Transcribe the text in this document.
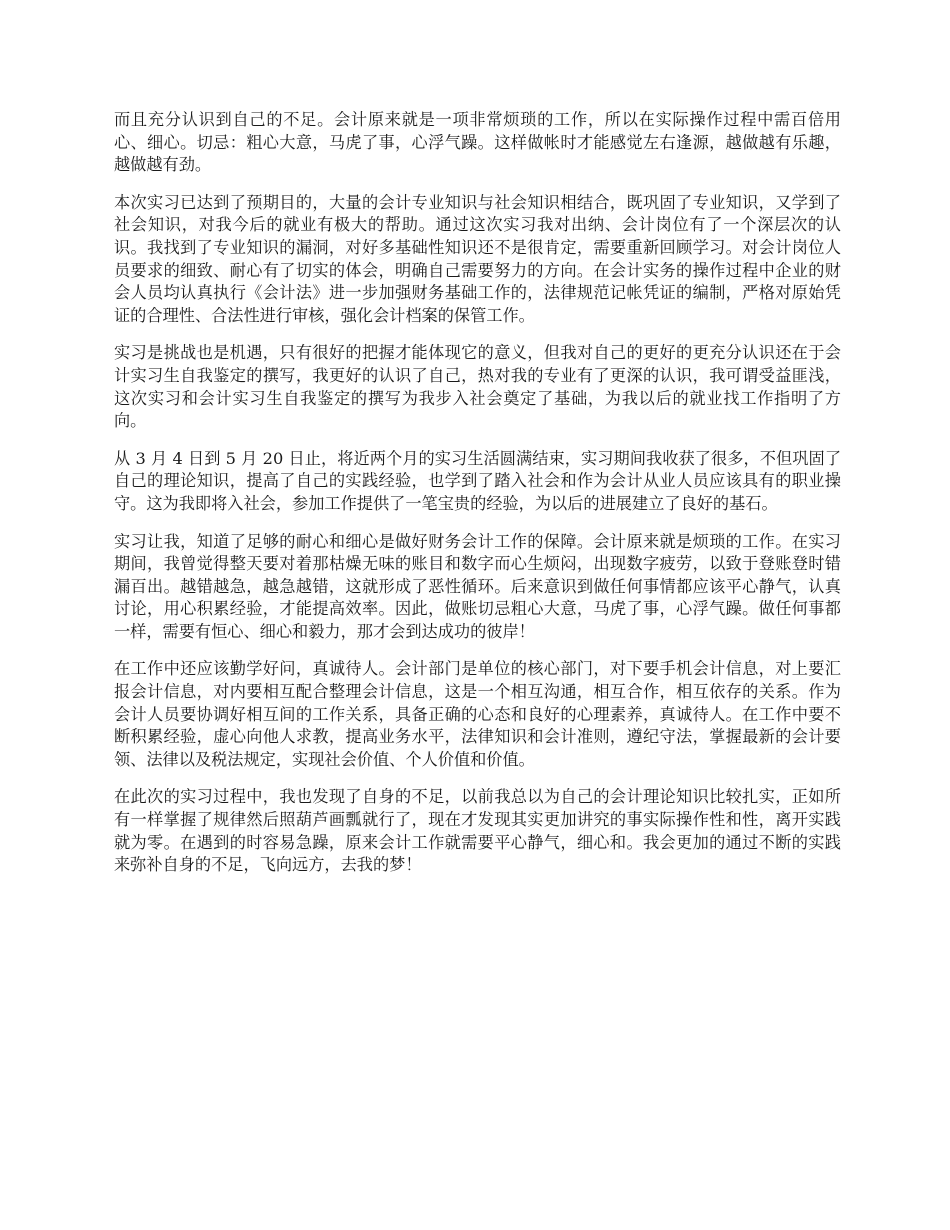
而且充分认识到自己的不足。会计原来就是一项非常烦琐的工作，所以在实际操作过程中需百倍用心、细心。切忌：粗心大意，马虎了事，心浮气躁。这样做帐时才能感觉左右逢源，越做越有乐趣，越做越有劲。

本次实习已达到了预期目的，大量的会计专业知识与社会知识相结合，既巩固了专业知识，又学到了社会知识，对我今后的就业有极大的帮助。通过这次实习我对出纳、会计岗位有了一个深层次的认识。我找到了专业知识的漏洞，对好多基础性知识还不是很肯定，需要重新回顾学习。对会计岗位人员要求的细致、耐心有了切实的体会，明确自己需要努力的方向。在会计实务的操作过程中企业的财会人员均认真执行《会计法》进一步加强财务基础工作的，法律规范记帐凭证的编制，严格对原始凭证的合理性、合法性进行审核，强化会计档案的保管工作。

实习是挑战也是机遇，只有很好的把握才能体现它的意义，但我对自己的更好的更充分认识还在于会计实习生自我鉴定的撰写，我更好的认识了自己，热对我的专业有了更深的认识，我可谓受益匪浅，这次实习和会计实习生自我鉴定的撰写为我步入社会奠定了基础，为我以后的就业找工作指明了方向。

从 3 月 4 日到 5 月 20 日止，将近两个月的实习生活圆满结束，实习期间我收获了很多，不但巩固了自己的理论知识，提高了自己的实践经验，也学到了踏入社会和作为会计从业人员应该具有的职业操守。这为我即将入社会，参加工作提供了一笔宝贵的经验，为以后的进展建立了良好的基石。

实习让我，知道了足够的耐心和细心是做好财务会计工作的保障。会计原来就是烦琐的工作。在实习期间，我曾觉得整天要对着那枯燥无味的账目和数字而心生烦闷，出现数字疲劳，以致于登账登时错漏百出。越错越急，越急越错，这就形成了恶性循环。后来意识到做任何事情都应该平心静气，认真讨论，用心积累经验，才能提高效率。因此，做账切忌粗心大意，马虎了事，心浮气躁。做任何事都一样，需要有恒心、细心和毅力，那才会到达成功的彼岸！

在工作中还应该勤学好问，真诚待人。会计部门是单位的核心部门，对下要手机会计信息，对上要汇报会计信息，对内要相互配合整理会计信息，这是一个相互沟通，相互合作，相互依存的关系。作为会计人员要协调好相互间的工作关系，具备正确的心态和良好的心理素养，真诚待人。在工作中要不断积累经验，虚心向他人求教，提高业务水平，法律知识和会计准则，遵纪守法，掌握最新的会计要领、法律以及税法规定，实现社会价值、个人价值和价值。

在此次的实习过程中，我也发现了自身的不足，以前我总以为自己的会计理论知识比较扎实，正如所有一样掌握了规律然后照葫芦画瓢就行了，现在才发现其实更加讲究的事实际操作性和性，离开实践就为零。在遇到的时容易急躁，原来会计工作就需要平心静气，细心和。我会更加的通过不断的实践来弥补自身的不足，飞向远方，去我的梦！
